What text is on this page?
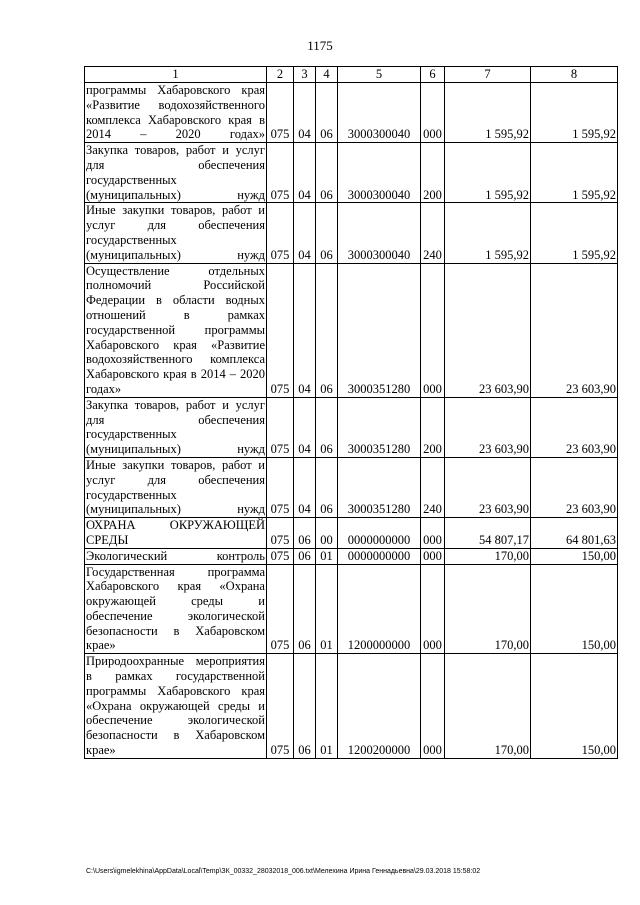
1175
1	2	3	4	5	6	7	8
программы Хабаровского края «Развитие водохозяйственного комплекса Хабаровского края в 2014 – 2020 годах»	075	04	06	3000300040	000	1 595,92	1 595,92
Закупка товаров, работ и услуг для обеспечения государственных (муниципальных) нужд	075	04	06	3000300040	200	1 595,92	1 595,92
Иные закупки товаров, работ и услуг для обеспечения государственных (муниципальных) нужд	075	04	06	3000300040	240	1 595,92	1 595,92
Осуществление отдельных полномочий Российской Федерации в области водных отношений в рамках государственной программы Хабаровского края «Развитие водохозяйственного комплекса Хабаровского края в 2014 – 2020 годах»	075	04	06	3000351280	000	23 603,90	23 603,90
Закупка товаров, работ и услуг для обеспечения государственных (муниципальных) нужд	075	04	06	3000351280	200	23 603,90	23 603,90
Иные закупки товаров, работ и услуг для обеспечения государственных (муниципальных) нужд	075	04	06	3000351280	240	23 603,90	23 603,90
ОХРАНА ОКРУЖАЮЩЕЙ СРЕДЫ	075	06	00	0000000000	000	54 807,17	64 801,63
Экологический контроль	075	06	01	0000000000	000	170,00	150,00
Государственная программа Хабаровского края «Охрана окружающей среды и обеспечение экологической безопасности в Хабаровском крае»	075	06	01	1200000000	000	170,00	150,00
Природоохранные мероприятия в рамках государственной программы Хабаровского края «Охрана окружающей среды и обеспечение экологической безопасности в Хабаровском крае»	075	06	01	1200200000	000	170,00	150,00
C:\Users\igmelekhina\AppData\Local\Temp\ЗК_00332_28032018_006.txt\Мелехина Ирина Геннадьевна\29.03.2018 15:58:02
